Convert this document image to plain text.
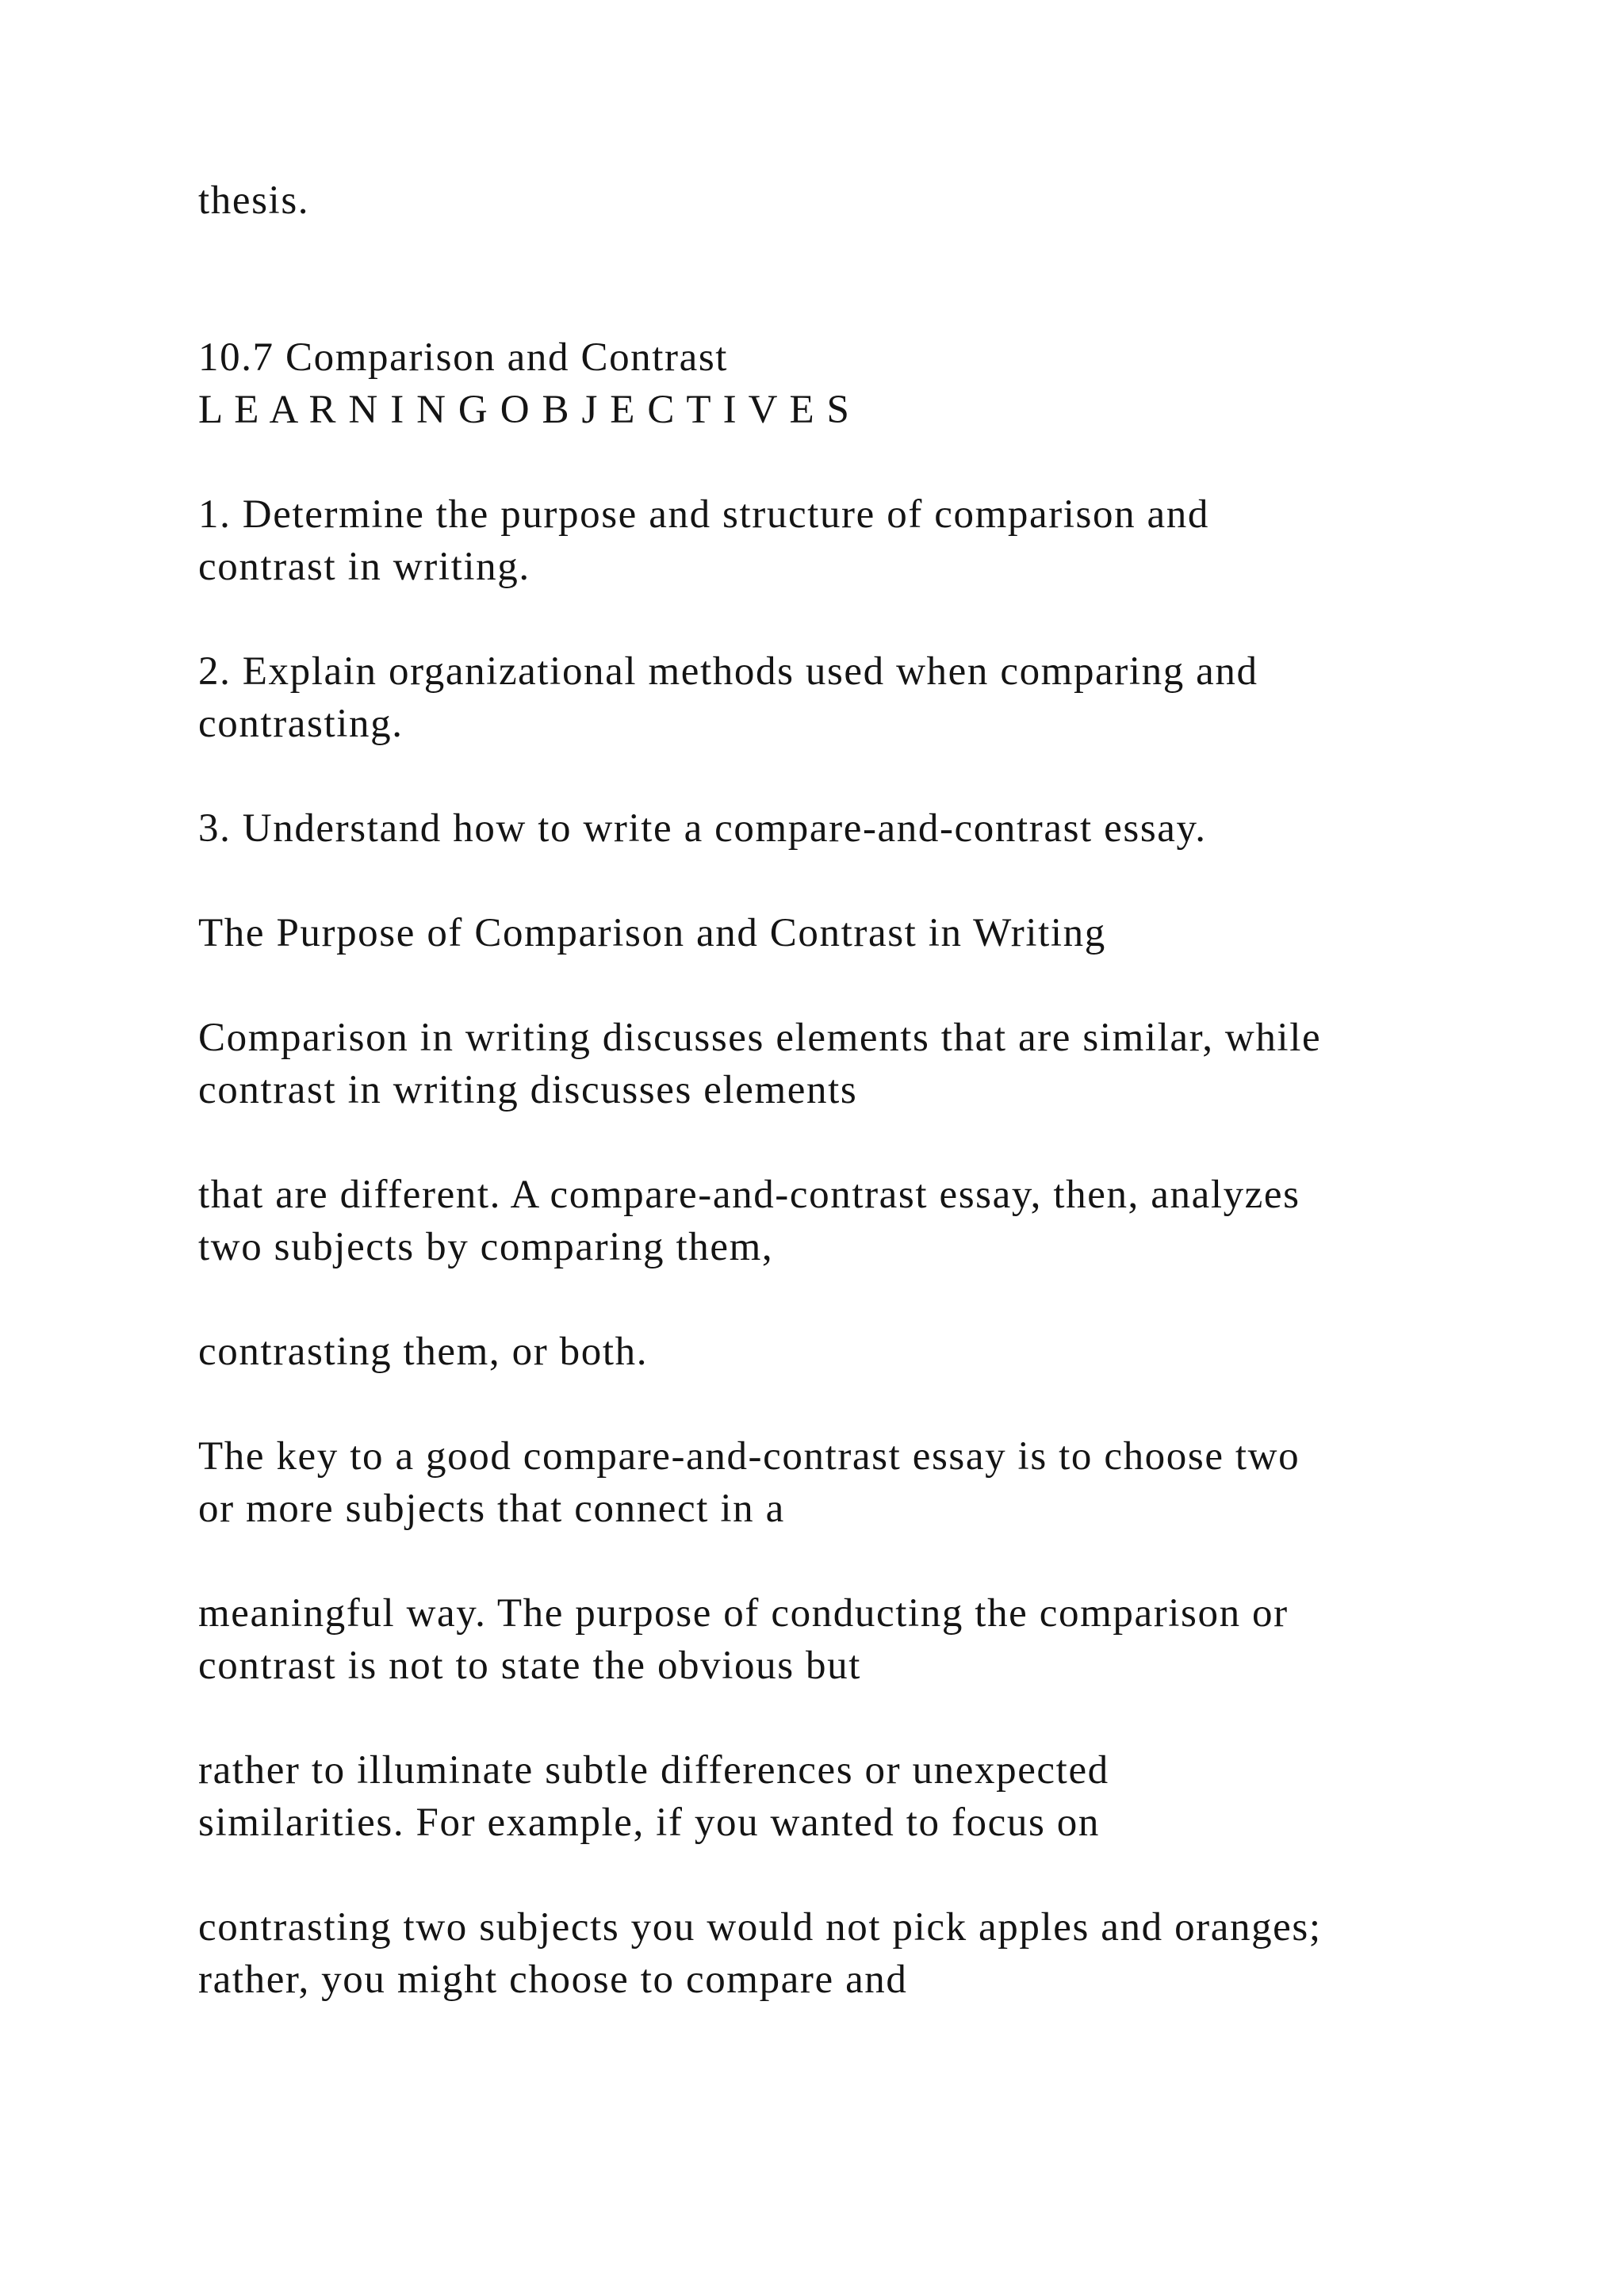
thesis.
10.7 Comparison and Contrast
L E A R N I N G O B J E C T I V E S
1. Determine the purpose and structure of comparison and
contrast in writing.
2. Explain organizational methods used when comparing and
contrasting.
3. Understand how to write a compare-and-contrast essay.
The Purpose of Comparison and Contrast in Writing
Comparison in writing discusses elements that are similar, while
contrast in writing discusses elements
that are different. A compare-and-contrast essay, then, analyzes
two subjects by comparing them,
contrasting them, or both.
The key to a good compare-and-contrast essay is to choose two
or more subjects that connect in a
meaningful way. The purpose of conducting the comparison or
contrast is not to state the obvious but
rather to illuminate subtle differences or unexpected
similarities. For example, if you wanted to focus on
contrasting two subjects you would not pick apples and oranges;
rather, you might choose to compare and
